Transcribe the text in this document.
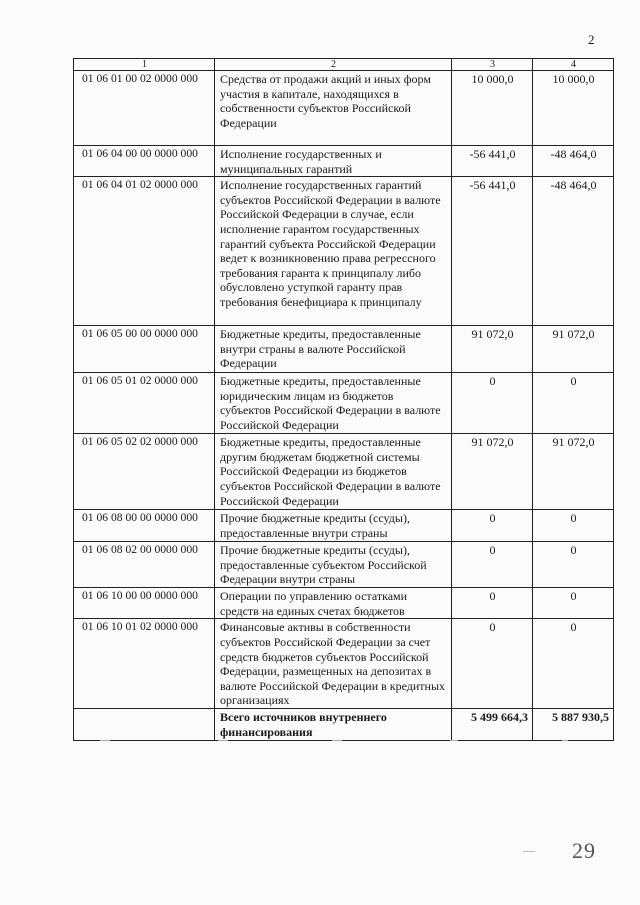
2
1	2	3	4
01 06 01 00 02 0000 000	Средства от продажи акций и иных форм участия в капитале, находящихся в собственности субъектов Российской Федерации	10 000,0	10 000,0
01 06 04 00 00 0000 000	Исполнение государственных и муниципальных гарантий	-56 441,0	-48 464,0
01 06 04 01 02 0000 000	Исполнение государственных гарантий субъектов Российской Федерации в валюте Российской Федерации в случае, если исполнение гарантом государственных гарантий субъекта Российской Федерации ведет к возникновению права регрессного требования гаранта к принципалу либо обусловлено уступкой гаранту прав требования бенефициара к принципалу	-56 441,0	-48 464,0
01 06 05 00 00 0000 000	Бюджетные кредиты, предоставленные внутри страны в валюте Российской Федерации	91 072,0	91 072,0
01 06 05 01 02 0000 000	Бюджетные кредиты, предоставленные юридическим лицам из бюджетов субъектов Российской Федерации в валюте Российской Федерации	0	0
01 06 05 02 02 0000 000	Бюджетные кредиты, предоставленные другим бюджетам бюджетной системы Российской Федерации из бюджетов субъектов Российской Федерации в валюте Российской Федерации	91 072,0	91 072,0
01 06 08 00 00 0000 000	Прочие бюджетные кредиты (ссуды), предоставленные внутри страны	0	0
01 06 08 02 00 0000 000	Прочие бюджетные кредиты (ссуды), предоставленные субъектом Российской Федерации внутри страны	0	0
01 06 10 00 00 0000 000	Операции по управлению остатками средств на единых счетах бюджетов	0	0
01 06 10 01 02 0000 000	Финансовые активы в собственности субъектов Российской Федерации за счет средств бюджетов субъектов Российской Федерации, размещенных на депозитах в валюте Российской Федерации в кредитных организациях	0	0
	Всего источников внутреннего финансирования	5 499 664,3	5 887 930,5
29
